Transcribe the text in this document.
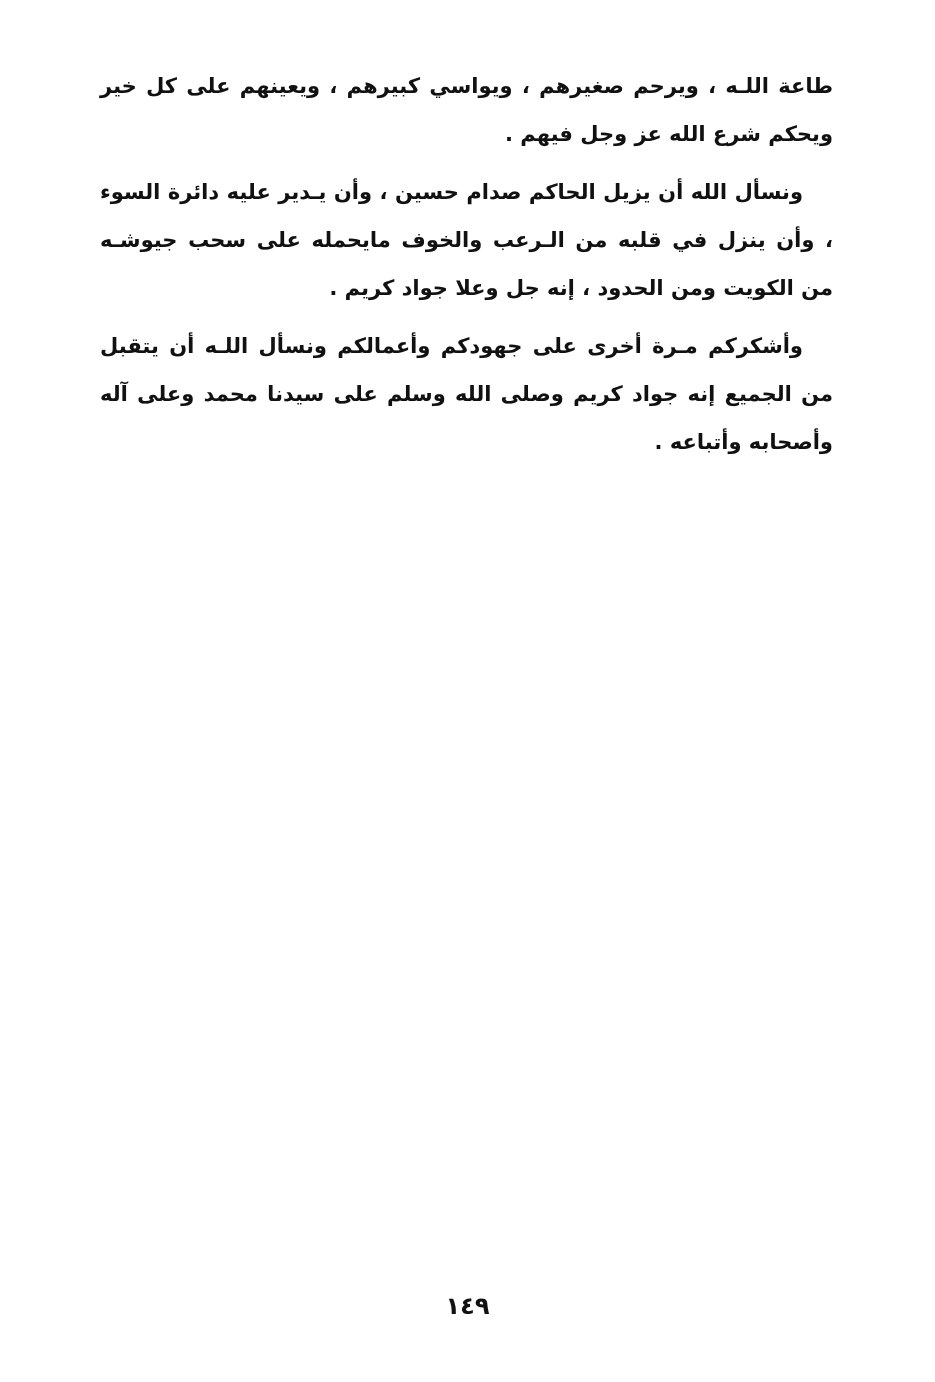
طاعة اللـه ، ويرحم صغيرهم ، ويواسي كبيرهم ، ويعينهم على كل خير ويحكم شرع الله عز وجل فيهم .

ونسأل الله أن يزيل الحاكم صدام حسين ، وأن يـدير عليه دائرة السوء ، وأن ينزل في قلبه من الـرعب والخوف مايحمله على سحب جيوشـه من الكويت ومن الحدود ، إنه جل وعلا جواد كريم .

وأشكركم مـرة أخرى على جهودكم وأعمالكم ونسأل اللـه أن يتقبل من الجميع إنه جواد كريم وصلى الله وسلم على سيدنا محمد وعلى آله وأصحابه وأتباعه .

١٤٩
